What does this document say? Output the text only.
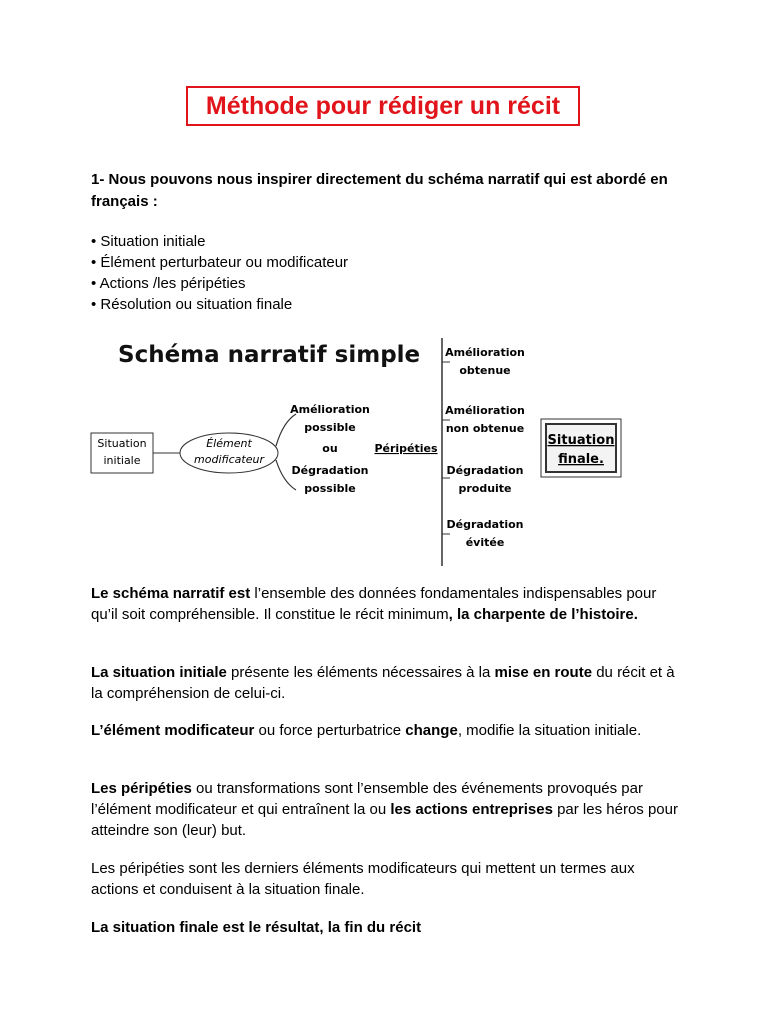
Méthode pour rédiger un récit
1- Nous pouvons nous inspirer directement du schéma narratif qui est abordé en français :
• Situation initiale
• Élément perturbateur ou modificateur
• Actions /les péripéties
• Résolution ou situation finale
Schéma narratif simple
Situation
initiale
Élément
modificateur
Amélioration
possible
ou
Dégradation
possible
Péripéties
Amélioration
obtenue
Amélioration
non obtenue
Dégradation
produite
Dégradation
évitée
Situation
finale.

Le schéma narratif est l’ensemble des données fondamentales indispensables pour qu’il soit compréhensible. Il constitue le récit minimum, la charpente de l’histoire.

La situation initiale présente les éléments nécessaires à la mise en route du récit et à la compréhension de celui-ci.

L’élément modificateur ou force perturbatrice change, modifie la situation initiale.

Les péripéties ou transformations sont l’ensemble des événements provoqués par l’élément modificateur et qui entraînent la ou les actions entreprises par les héros pour atteindre son (leur) but.

Les péripéties sont les derniers éléments modificateurs qui mettent un termes aux actions et conduisent à la situation finale.

La situation finale est le résultat, la fin du récit
